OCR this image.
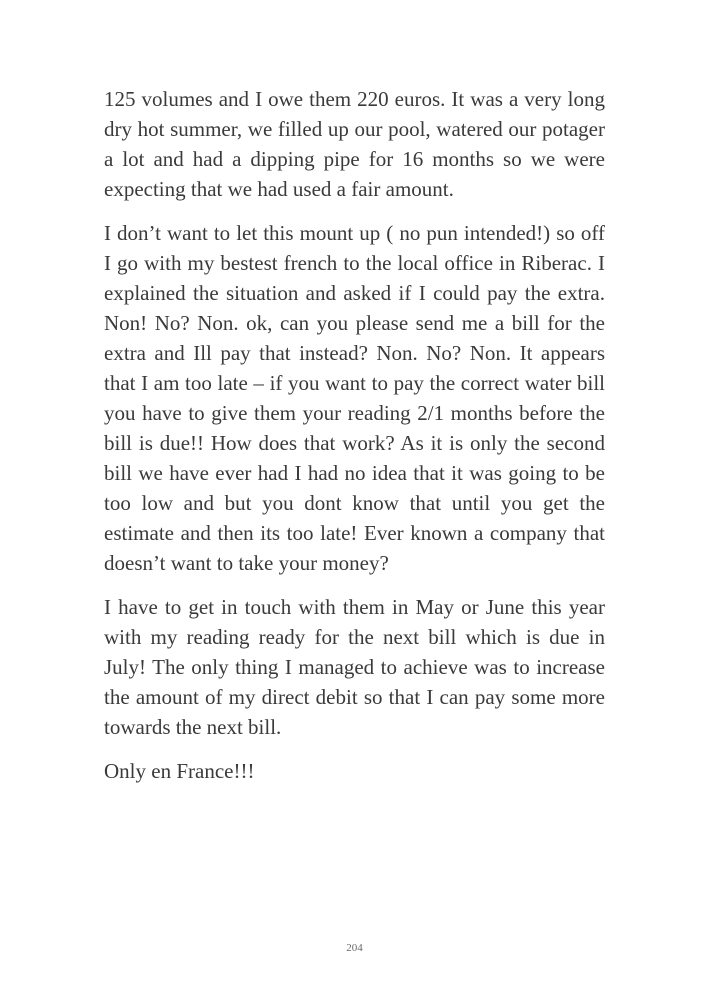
125 volumes and I owe them 220 euros. It was a very long dry hot summer, we filled up our pool, watered our potager a lot and had a dipping pipe for 16 months so we were expecting that we had used a fair amount.

I don’t want to let this mount up ( no pun intended!) so off I go with my bestest french to the local office in Riberac. I explained the situation and asked if I could pay the extra. Non! No? Non. ok, can you please send me a bill for the extra and Ill pay that instead? Non. No? Non. It appears that I am too late – if you want to pay the correct water bill you have to give them your reading 2/1 months before the bill is due!! How does that work? As it is only the second bill we have ever had I had no idea that it was going to be too low and but you dont know that until you get the estimate and then its too late! Ever known a company that doesn’t want to take your money?

I have to get in touch with them in May or June this year with my reading ready for the next bill which is due in July! The only thing I managed to achieve was to increase the amount of my direct debit so that I can pay some more towards the next bill.

Only en France!!!

204
